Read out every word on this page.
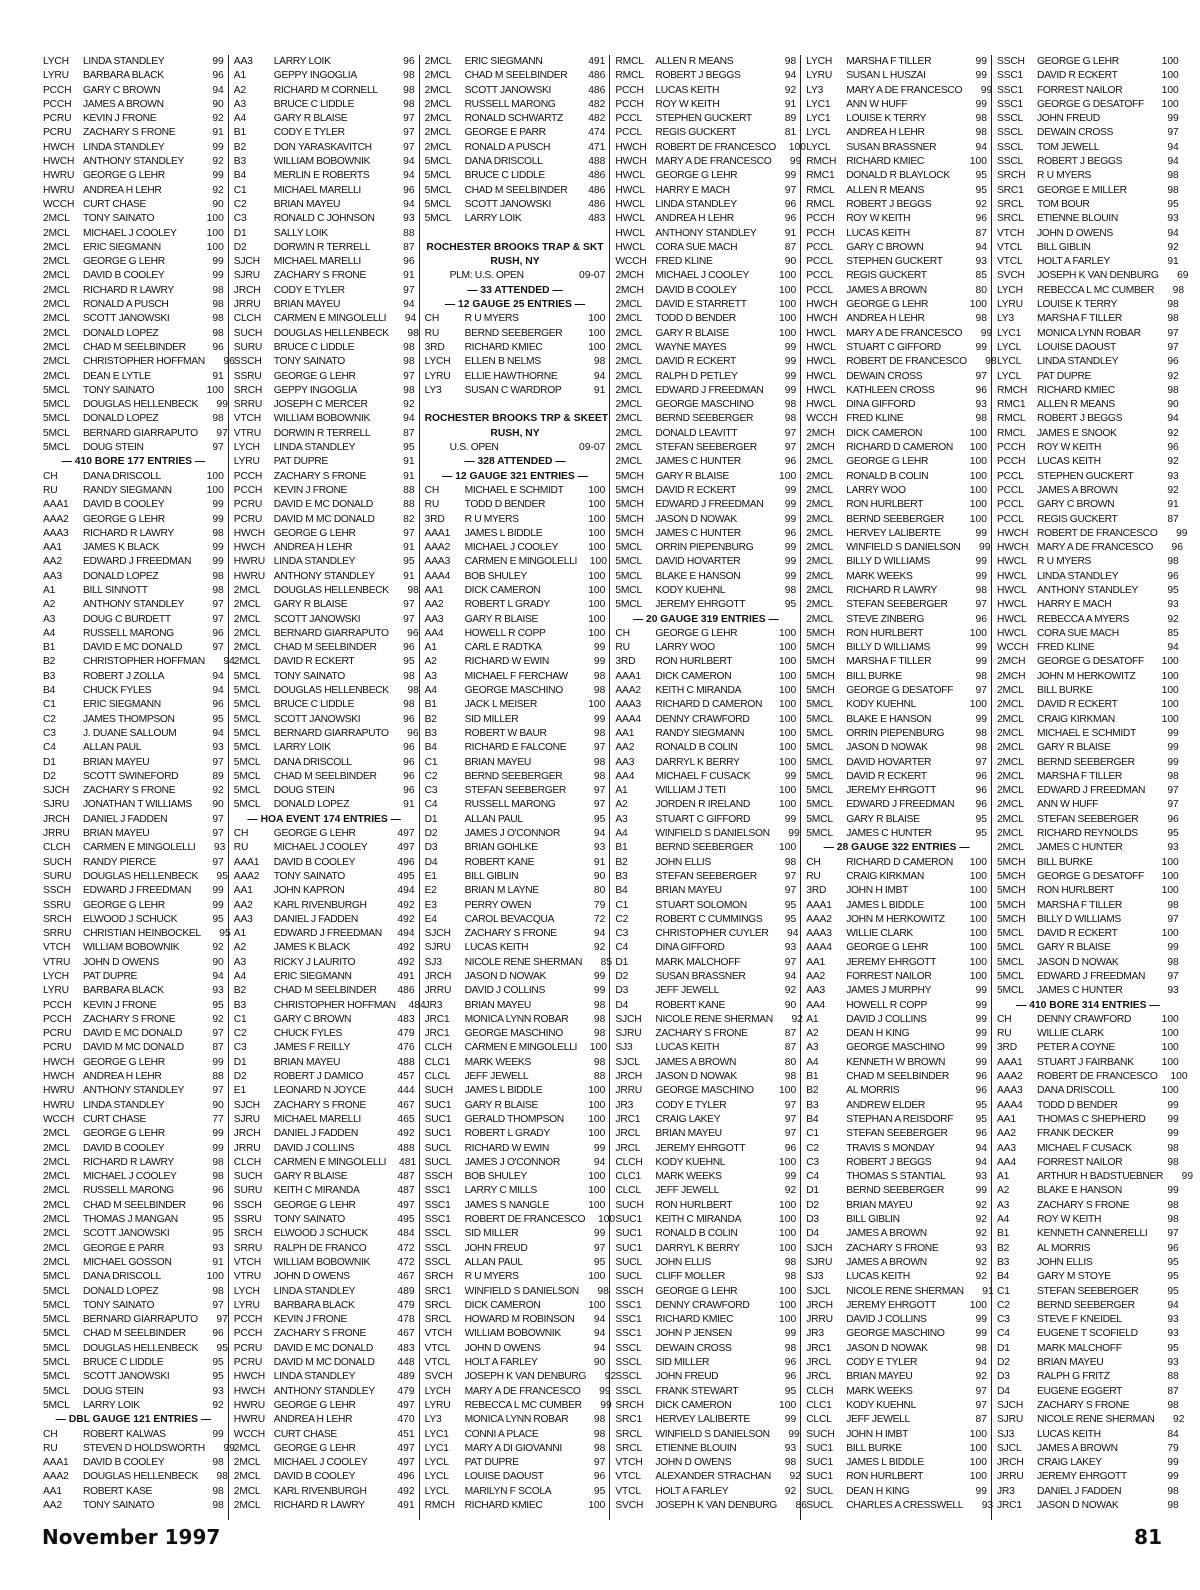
LYCH	LINDA STANDLEY	99
LYRU	BARBARA BLACK	96
PCCH	GARY C BROWN	94
PCCH	JAMES A BROWN	90
PCRU	KEVIN J FRONE	92
PCRU	ZACHARY S FRONE	91
HWCH LINDA STANDLEY	99
HWCH ANTHONY STANDLEY	92
HWRU GEORGE G LEHR	99
HWRU ANDREA H LEHR	92
WCCH CURT CHASE	90
2MCL	TONY SAINATO	100
2MCL	MICHAEL J COOLEY	100
2MCL	ERIC SIEGMANN	100
2MCL	GEORGE G LEHR	99
2MCL	DAVID B COOLEY	99
2MCL	RICHARD R LAWRY	98
2MCL	RONALD A PUSCH	98
2MCL	SCOTT JANOWSKI	98
2MCL	DONALD LOPEZ	98
2MCL	CHAD M SEELBINDER	96
2MCL	CHRISTOPHER HOFFMAN	96
2MCL	DEAN E LYTLE	91
5MCL	TONY SAINATO	100
5MCL	DOUGLAS HELLENBECK	99
5MCL	DONALD LOPEZ	98
5MCL	BERNARD GIARRAPUTO	97
5MCL	DOUG STEIN	97
— 410 BORE 177 ENTRIES —
CH	DANA DRISCOLL	100
RU	RANDY SIEGMANN	100
AAA1	DAVID B COOLEY	99
AAA2	GEORGE G LEHR	99
AAA3	RICHARD R LAWRY	98
AA1	JAMES K BLACK	99
AA2	EDWARD J FREEDMAN	99
AA3	DONALD LOPEZ	98
A1	BILL SINNOTT	98
A2	ANTHONY STANDLEY	97
A3	DOUG C BURDETT	97
A4	RUSSELL MARONG	96
B1	DAVID E MC DONALD	97
B2	CHRISTOPHER HOFFMAN	94
B3	ROBERT J ZOLLA	94
B4	CHUCK FYLES	94
C1	ERIC SIEGMANN	96
C2	JAMES THOMPSON	95
C3	J. DUANE SALLOUM	94
C4	ALLAN PAUL	93
D1	BRIAN MAYEU	97
D2	SCOTT SWINEFORD	89
SJCH	ZACHARY S FRONE	92
SJRU	JONATHAN T WILLIAMS	90
JRCH	DANIEL J FADDEN	97
JRRU	BRIAN MAYEU	97
CLCH	CARMEN E MINGOLELLI	93
SUCH	RANDY PIERCE	97
SURU	DOUGLAS HELLENBECK	95
SSCH	EDWARD J FREEDMAN	99
SSRU	GEORGE G LEHR	99
SRCH	ELWOOD J SCHUCK	95
SRRU	CHRISTIAN HEINBOCKEL	95
VTCH	WILLIAM BOBOWNIK	92
VTRU	JOHN D OWENS	90
LYCH	PAT DUPRE	94
LYRU	BARBARA BLACK	93
PCCH	KEVIN J FRONE	95
PCCH	ZACHARY S FRONE	92
PCRU	DAVID E MC DONALD	97
PCRU	DAVID M MC DONALD	87
HWCH GEORGE G LEHR	99
HWCH ANDREA H LEHR	88
HWRU ANTHONY STANDLEY	97
HWRU LINDA STANDLEY	90
WCCH CURT CHASE	77
2MCL	GEORGE G LEHR	99
2MCL	DAVID B COOLEY	99
2MCL	RICHARD R LAWRY	98
2MCL	MICHAEL J COOLEY	98
2MCL	RUSSELL MARONG	96
2MCL	CHAD M SEELBINDER	96
2MCL	THOMAS J MANGAN	95
2MCL	SCOTT JANOWSKI	95
2MCL	GEORGE E PARR	93
2MCL	MICHAEL GOSSON	91
5MCL	DANA DRISCOLL	100
5MCL	DONALD LOPEZ	98
5MCL	TONY SAINATO	97
5MCL	BERNARD GIARRAPUTO	97
5MCL	CHAD M SEELBINDER	96
5MCL	DOUGLAS HELLENBECK	95
5MCL	BRUCE C LIDDLE	95
5MCL	SCOTT JANOWSKI	95
5MCL	DOUG STEIN	93
5MCL	LARRY LOIK	92
— DBL GAUGE 121 ENTRIES —
CH	ROBERT KALWAS	99
RU	STEVEN D HOLDSWORTH	99
AAA1	DAVID B COOLEY	98
AAA2	DOUGLAS HELLENBECK	98
AA1	ROBERT KASE	98
AA2	TONY SAINATO	98
AA3	LARRY LOIK	96
A1	GEPPY INGOGLIA	98
A2	RICHARD M CORNELL	98
A3	BRUCE C LIDDLE	98
A4	GARY R BLAISE	97
B1	CODY E TYLER	97
B2	DON YARASKAVITCH	97
B3	WILLIAM BOBOWNIK	94
B4	MERLIN E ROBERTS	94
C1	MICHAEL MARELLI	96
C2	BRIAN MAYEU	94
C3	RONALD C JOHNSON	93
D1	SALLY LOIK	88
D2	DORWIN R TERRELL	87
SJCH	MICHAEL MARELLI	96
SJRU	ZACHARY S FRONE	91
JRCH	CODY E TYLER	97
JRRU	BRIAN MAYEU	94
CLCH	CARMEN E MINGOLELLI	94
SUCH	DOUGLAS HELLENBECK	98
SURU	BRUCE C LIDDLE	98
SSCH	TONY SAINATO	98
SSRU	GEORGE G LEHR	97
SRCH	GEPPY INGOGLIA	98
SRRU	JOSEPH C MERCER	92
VTCH	WILLIAM BOBOWNIK	94
VTRU	DORWIN R TERRELL	87
LYCH	LINDA STANDLEY	95
LYRU	PAT DUPRE	91
PCCH	ZACHARY S FRONE	91
PCCH	KEVIN J FRONE	88
PCRU	DAVID E MC DONALD	88
PCRU	DAVID M MC DONALD	82
HWCH GEORGE G LEHR	97
HWCH ANDREA H LEHR	91
HWRU LINDA STANDLEY	95
HWRU ANTHONY STANDLEY	91
2MCL	DOUGLAS HELLENBECK	98
2MCL	GARY R BLAISE	97
2MCL	SCOTT JANOWSKI	97
2MCL	BERNARD GIARRAPUTO	96
2MCL	CHAD M SEELBINDER	96
2MCL	DAVID R ECKERT	95
5MCL	TONY SAINATO	98
5MCL	DOUGLAS HELLENBECK	98
5MCL	BRUCE C LIDDLE	98
5MCL	SCOTT JANOWSKI	96
5MCL	BERNARD GIARRAPUTO	96
5MCL	LARRY LOIK	96
5MCL	DANA DRISCOLL	96
5MCL	CHAD M SEELBINDER	96
5MCL	DOUG STEIN	96
5MCL	DONALD LOPEZ	91
— HOA EVENT 174 ENTRIES —
CH	GEORGE G LEHR	497
RU	MICHAEL J COOLEY	497
AAA1	DAVID B COOLEY	496
AAA2	TONY SAINATO	495
AA1	JOHN KAPRON	494
AA2	KARL RIVENBURGH	492
AA3	DANIEL J FADDEN	492
A1	EDWARD J FREEDMAN	494
A2	JAMES K BLACK	492
A3	RICKY J LAURITO	492
A4	ERIC SIEGMANN	491
B2	CHAD M SEELBINDER	486
B3	CHRISTOPHER HOFFMAN	484
C1	GARY C BROWN	483
C2	CHUCK FYLES	479
C3	JAMES F REILLY	476
D1	BRIAN MAYEU	488
D2	ROBERT J DAMICO	457
E1	LEONARD N JOYCE	444
SJCH	ZACHARY S FRONE	467
SJRU	MICHAEL MARELLI	465
JRCH	DANIEL J FADDEN	492
JRRU	DAVID J COLLINS	488
CLCH	CARMEN E MINGOLELLI	481
SUCH	GARY R BLAISE	487
SURU	KEITH C MIRANDA	487
SSCH	GEORGE G LEHR	497
SSRU	TONY SAINATO	495
SRCH	ELWOOD J SCHUCK	484
SRRU	RALPH DE FRANCO	472
VTCH	WILLIAM BOBOWNIK	472
VTRU	JOHN D OWENS	467
LYCH	LINDA STANDLEY	489
LYRU	BARBARA BLACK	479
PCCH	KEVIN J FRONE	478
PCCH	ZACHARY S FRONE	467
PCRU	DAVID E MC DONALD	483
PCRU	DAVID M MC DONALD	448
HWCH LINDA STANDLEY	489
HWCH ANTHONY STANDLEY	479
HWRU GEORGE G LEHR	497
HWRU ANDREA H LEHR	470
WCCH CURT CHASE	451
2MCL	GEORGE G LEHR	497
2MCL	MICHAEL J COOLEY	497
2MCL	DAVID B COOLEY	496
2MCL	KARL RIVENBURGH	492
2MCL	RICHARD R LAWRY	491
2MCL	ERIC SIEGMANN	491
2MCL	CHAD M SEELBINDER	486
2MCL	SCOTT JANOWSKI	486
2MCL	RUSSELL MARONG	482
2MCL	RONALD SCHWARTZ	482
2MCL	GEORGE E PARR	474
2MCL	RONALD A PUSCH	471
5MCL	DANA DRISCOLL	488
5MCL	BRUCE C LIDDLE	486
5MCL	CHAD M SEELBINDER	486
5MCL	SCOTT JANOWSKI	486
5MCL	LARRY LOIK	483
ROCHESTER BROOKS TRAP & SKT
RUSH, NY
PLM: U.S. OPEN	09-07
— 33 ATTENDED —
— 12 GAUGE 25 ENTRIES —
CH	R U MYERS	100
RU	BERND SEEBERGER	100
3RD	RICHARD KMIEC	100
LYCH	ELLEN B NELMS	98
LYRU	ELLIE HAWTHORNE	94
LY3	SUSAN C WARDROP	91
ROCHESTER BROOKS TRP & SKEET
RUSH, NY
U.S. OPEN	09-07
— 328 ATTENDED —
— 12 GAUGE 321 ENTRIES —
CH	MICHAEL E SCHMIDT	100
RU	TODD D BENDER	100
3RD	R U MYERS	100
AAA1	JAMES L BIDDLE	100
AAA2	MICHAEL J COOLEY	100
AAA3	CARMEN E MINGOLELLI	100
AAA4	BOB SHULEY	100
AA1	DICK CAMERON	100
AA2	ROBERT L GRADY	100
AA3	GARY R BLAISE	100
AA4	HOWELL R COPP	100
A1	CARL E RADTKA	99
A2	RICHARD W EWIN	99
A3	MICHAEL F FERCHAW	98
A4	GEORGE MASCHINO	98
B1	JACK L MEISER	100
B2	SID MILLER	99
B3	ROBERT W BAUR	98
B4	RICHARD E FALCONE	97
C1	BRIAN MAYEU	98
C2	BERND SEEBERGER	98
C3	STEFAN SEEBERGER	97
C4	RUSSELL MARONG	97
D1	ALLAN PAUL	95
D2	JAMES J O'CONNOR	94
D3	BRIAN GOHLKE	93
D4	ROBERT KANE	91
E1	BILL GIBLIN	90
E2	BRIAN M LAYNE	80
E3	PERRY OWEN	79
E4	CAROL BEVACQUA	72
SJCH	ZACHARY S FRONE	94
SJRU	LUCAS KEITH	92
SJ3	NICOLE RENE SHERMAN	85
JRCH	JASON D NOWAK	99
JRRU	DAVID J COLLINS	99
JR3	BRIAN MAYEU	98
JRC1	MONICA LYNN ROBAR	98
JRC1	GEORGE MASCHINO	98
CLCH	CARMEN E MINGOLELLI	100
CLC1	MARK WEEKS	98
CLCL	JEFF JEWELL	88
SUCH	JAMES L BIDDLE	100
SUC1	GARY R BLAISE	100
SUC1	GERALD THOMPSON	100
SUC1	ROBERT L GRADY	100
SUCL	RICHARD W EWIN	99
SUCL	JAMES J O'CONNOR	94
SSCH	BOB SHULEY	100
SSC1	LARRY C MILLS	100
SSC1	JAMES S NANGLE	100
SSC1	ROBERT DE FRANCESCO	100
SSCL	SID MILLER	99
SSCL	JOHN FREUD	97
SSCL	ALLAN PAUL	95
SRCH	R U MYERS	100
SRC1	WINFIELD S DANIELSON	98
SRCL	DICK CAMERON	100
SRCL	HOWARD M ROBINSON	94
VTCH	WILLIAM BOBOWNIK	94
VTCL	JOHN D OWENS	94
VTCL	HOLT A FARLEY	90
SVCH	JOSEPH K VAN DENBURG	92
LYCH	MARY A DE FRANCESCO	99
LYRU	REBECCA L MC CUMBER	99
LY3	MONICA LYNN ROBAR	98
LYC1	CONNI A PLACE	98
LYC1	MARY A DI GIOVANNI	98
LYCL	PAT DUPRE	97
LYCL	LOUISE DAOUST	96
LYCL	MARILYN F SCOLA	95
RMCH RICHARD KMIEC	100
RMCL	ALLEN R MEANS	98
RMCL	ROBERT J BEGGS	94
PCCH	LUCAS KEITH	92
PCCH	ROY W KEITH	91
PCCL	STEPHEN GUCKERT	89
PCCL	REGIS GUCKERT	81
HWCH ROBERT DE FRANCESCO	100
HWCH MARY A DE FRANCESCO	99
HWCL	GEORGE G LEHR	99
HWCL	HARRY E MACH	97
HWCL	LINDA STANDLEY	96
HWCL	ANDREA H LEHR	96
HWCL	ANTHONY STANDLEY	91
HWCL	CORA SUE MACH	87
WCCH FRED KLINE	90
2MCH	MICHAEL J COOLEY	100
2MCH	DAVID B COOLEY	100
2MCL	DAVID E STARRETT	100
2MCL	TODD D BENDER	100
2MCL	GARY R BLAISE	100
2MCL	WAYNE MAYES	99
2MCL	DAVID R ECKERT	99
2MCL	RALPH D PETLEY	99
2MCL	EDWARD J FREEDMAN	99
2MCL	GEORGE MASCHINO	98
2MCL	BERND SEEBERGER	98
2MCL	DONALD LEAVITT	97
2MCL	STEFAN SEEBERGER	97
2MCL	JAMES C HUNTER	96
5MCH	GARY R BLAISE	100
5MCH	DAVID R ECKERT	99
5MCH	EDWARD J FREEDMAN	99
5MCH	JASON D NOWAK	99
5MCH	JAMES C HUNTER	96
5MCL	ORRIN PIEPENBURG	99
5MCL	DAVID HOVARTER	99
5MCL	BLAKE E HANSON	99
5MCL	KODY KUEHNL	98
5MCL	JEREMY EHRGOTT	95
— 20 GAUGE 319 ENTRIES —
CH	GEORGE G LEHR	100
RU	LARRY WOO	100
3RD	RON HURLBERT	100
AAA1	DICK CAMERON	100
AAA2	KEITH C MIRANDA	100
AAA3	RICHARD D CAMERON	100
AAA4	DENNY CRAWFORD	100
AA1	RANDY SIEGMANN	100
AA2	RONALD B COLIN	100
AA3	DARRYL K BERRY	100
AA4	MICHAEL F CUSACK	99
A1	WILLIAM J TETI	100
A2	JORDEN R IRELAND	100
A3	STUART C GIFFORD	99
A4	WINFIELD S DANIELSON	99
B1	BERND SEEBERGER	100
B2	JOHN ELLIS	98
B3	STEFAN SEEBERGER	97
B4	BRIAN MAYEU	97
C1	STUART SOLOMON	95
C2	ROBERT C CUMMINGS	95
C3	CHRISTOPHER CUYLER	94
C4	DINA GIFFORD	93
D1	MARK MALCHOFF	97
D2	SUSAN BRASSNER	94
D3	JEFF JEWELL	92
D4	ROBERT KANE	90
SJCH	NICOLE RENE SHERMAN	92
SJRU	ZACHARY S FRONE	87
SJ3	LUCAS KEITH	87
SJCL	JAMES A BROWN	80
JRCH	JASON D NOWAK	98
JRRU	GEORGE MASCHINO	100
JR3	CODY E TYLER	97
JRC1	CRAIG LAKEY	97
JRCL	BRIAN MAYEU	97
JRCL	JEREMY EHRGOTT	96
CLCH	KODY KUEHNL	100
CLC1	MARK WEEKS	99
CLCL	JEFF JEWELL	92
SUCH	RON HURLBERT	100
SUC1	KEITH C MIRANDA	100
SUC1	RONALD B COLIN	100
SUC1	DARRYL K BERRY	100
SUCL	JOHN ELLIS	98
SUCL	CLIFF MOLLER	98
SSCH	GEORGE G LEHR	100
SSC1	DENNY CRAWFORD	100
SSC1	RICHARD KMIEC	100
SSC1	JOHN P JENSEN	99
SSCL	DEWAIN CROSS	98
SSCL	SID MILLER	96
SSCL	JOHN FREUD	96
SSCL	FRANK STEWART	95
SRCH	DICK CAMERON	100
SRC1	HERVEY LALIBERTE	99
SRCL	WINFIELD S DANIELSON	99
SRCL	ETIENNE BLOUIN	93
VTCH	JOHN D OWENS	98
VTCL	ALEXANDER STRACHAN	92
VTCL	HOLT A FARLEY	92
SVCH	JOSEPH K VAN DENBURG	86
LYCH	MARSHA F TILLER	99
LYRU	SUSAN L HUSZAI	99
LY3	MARY A DE FRANCESCO	99
LYC1	ANN W HUFF	99
LYC1	LOUISE K TERRY	98
LYCL	ANDREA H LEHR	98
LYCL	SUSAN BRASSNER	94
RMCH RICHARD KMIEC	100
RMC1	DONALD R BLAYLOCK	95
RMCL	ALLEN R MEANS	95
RMCL	ROBERT J BEGGS	92
PCCH	ROY W KEITH	96
PCCH	LUCAS KEITH	87
PCCL	GARY C BROWN	94
PCCL	STEPHEN GUCKERT	93
PCCL	REGIS GUCKERT	85
PCCL	JAMES A BROWN	80
HWCH GEORGE G LEHR	100
HWCH ANDREA H LEHR	98
HWCL	MARY A DE FRANCESCO	99
HWCL	STUART C GIFFORD	99
HWCL	ROBERT DE FRANCESCO	98
HWCL	DEWAIN CROSS	97
HWCL	KATHLEEN CROSS	96
HWCL	DINA GIFFORD	93
WCCH FRED KLINE	98
2MCH	DICK CAMERON	100
2MCH	RICHARD D CAMERON	100
2MCL	GEORGE G LEHR	100
2MCL	RONALD B COLIN	100
2MCL	LARRY WOO	100
2MCL	RON HURLBERT	100
2MCL	BERND SEEBERGER	100
2MCL	HERVEY LALIBERTE	99
2MCL	WINFIELD S DANIELSON	99
2MCL	BILLY D WILLIAMS	99
2MCL	MARK WEEKS	99
2MCL	RICHARD R LAWRY	98
2MCL	STEFAN SEEBERGER	97
2MCL	STEVE ZINBERG	96
5MCH	RON HURLBERT	100
5MCH	BILLY D WILLIAMS	99
5MCH	MARSHA F TILLER	99
5MCH	BILL BURKE	98
5MCH	GEORGE G DESATOFF	97
5MCL	KODY KUEHNL	100
5MCL	BLAKE E HANSON	99
5MCL	ORRIN PIEPENBURG	98
5MCL	JASON D NOWAK	98
5MCL	DAVID HOVARTER	97
5MCL	DAVID R ECKERT	96
5MCL	JEREMY EHRGOTT	96
5MCL	EDWARD J FREEDMAN	96
5MCL	GARY R BLAISE	95
5MCL	JAMES C HUNTER	95
— 28 GAUGE 322 ENTRIES —
CH	RICHARD D CAMERON	100
RU	CRAIG KIRKMAN	100
3RD	JOHN H IMBT	100
AAA1	JAMES L BIDDLE	100
AAA2	JOHN M HERKOWITZ	100
AAA3	WILLIE CLARK	100
AAA4	GEORGE G LEHR	100
AA1	JEREMY EHRGOTT	100
AA2	FORREST NAILOR	100
AA3	JAMES J MURPHY	99
AA4	HOWELL R COPP	99
A1	DAVID J COLLINS	99
A2	DEAN H KING	99
A3	GEORGE MASCHINO	99
A4	KENNETH W BROWN	99
B1	CHAD M SEELBINDER	96
B2	AL MORRIS	96
B3	ANDREW ELDER	95
B4	STEPHAN A REISDORF	95
C1	STEFAN SEEBERGER	96
C2	TRAVIS S MONDAY	94
C3	ROBERT J BEGGS	94
C4	THOMAS S STANTIAL	93
D1	BERND SEEBERGER	99
D2	BRIAN MAYEU	92
D3	BILL GIBLIN	92
D4	JAMES A BROWN	92
SJCH	ZACHARY S FRONE	93
SJRU	JAMES A BROWN	92
SJ3	LUCAS KEITH	92
SJCL	NICOLE RENE SHERMAN	91
JRCH	JEREMY EHRGOTT	100
JRRU	DAVID J COLLINS	99
JR3	GEORGE MASCHINO	99
JRC1	JASON D NOWAK	98
JRCL	CODY E TYLER	94
JRCL	BRIAN MAYEU	92
CLCH	MARK WEEKS	97
CLC1	KODY KUEHNL	97
CLCL	JEFF JEWELL	87
SUCH	JOHN H IMBT	100
SUC1	BILL BURKE	100
SUC1	JAMES L BIDDLE	100
SUC1	RON HURLBERT	100
SUCL	DEAN H KING	99
SUCL	CHARLES A CRESSWELL	93
SSCH	GEORGE G LEHR	100
SSC1	DAVID R ECKERT	100
SSC1	FORREST NAILOR	100
SSC1	GEORGE G DESATOFF	100
SSCL	JOHN FREUD	99
SSCL	DEWAIN CROSS	97
SSCL	TOM JEWELL	94
SSCL	ROBERT J BEGGS	94
SRCH	R U MYERS	98
SRC1	GEORGE E MILLER	98
SRCL	TOM BOUR	95
SRCL	ETIENNE BLOUIN	93
VTCH	JOHN D OWENS	94
VTCL	BILL GIBLIN	92
VTCL	HOLT A FARLEY	91
SVCH	JOSEPH K VAN DENBURG	69
LYCH	REBECCA L MC CUMBER	98
LYRU	LOUISE K TERRY	98
LY3	MARSHA F TILLER	98
LYC1	MONICA LYNN ROBAR	97
LYCL	LOUISE DAOUST	97
LYCL	LINDA STANDLEY	96
LYCL	PAT DUPRE	92
RMCH RICHARD KMIEC	98
RMC1	ALLEN R MEANS	90
RMCL	ROBERT J BEGGS	94
RMCL	JAMES E SNOOK	92
PCCH	ROY W KEITH	96
PCCH	LUCAS KEITH	92
PCCL	STEPHEN GUCKERT	93
PCCL	JAMES A BROWN	92
PCCL	GARY C BROWN	91
PCCL	REGIS GUCKERT	87
HWCH ROBERT DE FRANCESCO	99
HWCH MARY A DE FRANCESCO	96
HWCL	R U MYERS	98
HWCL	LINDA STANDLEY	96
HWCL	ANTHONY STANDLEY	95
HWCL	HARRY E MACH	93
HWCL	REBECCA A MYERS	92
HWCL	CORA SUE MACH	85
WCCH FRED KLINE	94
2MCH	GEORGE G DESATOFF	100
2MCH	JOHN M HERKOWITZ	100
2MCL	BILL BURKE	100
2MCL	DAVID R ECKERT	100
2MCL	CRAIG KIRKMAN	100
2MCL	MICHAEL E SCHMIDT	99
2MCL	GARY R BLAISE	99
2MCL	BERND SEEBERGER	99
2MCL	MARSHA F TILLER	98
2MCL	EDWARD J FREEDMAN	97
2MCL	ANN W HUFF	97
2MCL	STEFAN SEEBERGER	96
2MCL	RICHARD REYNOLDS	95
2MCL	JAMES C HUNTER	93
5MCH	BILL BURKE	100
5MCH	GEORGE G DESATOFF	100
5MCH	RON HURLBERT	100
5MCH	MARSHA F TILLER	98
5MCH	BILLY D WILLIAMS	97
5MCL	DAVID R ECKERT	100
5MCL	GARY R BLAISE	99
5MCL	JASON D NOWAK	98
5MCL	EDWARD J FREEDMAN	97
5MCL	JAMES C HUNTER	93
— 410 BORE 314 ENTRIES —
CH	DENNY CRAWFORD	100
RU	WILLIE CLARK	100
3RD	PETER A COYNE	100
AAA1	STUART J FAIRBANK	100
AAA2	ROBERT DE FRANCESCO	100
AAA3	DANA DRISCOLL	100
AAA4	TODD D BENDER	99
AA1	THOMAS C SHEPHERD	99
AA2	FRANK DECKER	99
AA3	MICHAEL F CUSACK	98
AA4	FORREST NAILOR	98
A1	ARTHUR H BADSTUEBNER	99
A2	BLAKE E HANSON	99
A3	ZACHARY S FRONE	98
A4	ROY W KEITH	98
B1	KENNETH CANNERELLI	97
B2	AL MORRIS	96
B3	JOHN ELLIS	95
B4	GARY M STOYE	95
C1	STEFAN SEEBERGER	95
C2	BERND SEEBERGER	94
C3	STEVE F KNEIDEL	93
C4	EUGENE T SCOFIELD	93
D1	MARK MALCHOFF	95
D2	BRIAN MAYEU	93
D3	RALPH G FRITZ	88
D4	EUGENE EGGERT	87
SJCH	ZACHARY S FRONE	98
SJRU	NICOLE RENE SHERMAN	92
SJ3	LUCAS KEITH	84
SJCL	JAMES A BROWN	79
JRCH	CRAIG LAKEY	99
JRRU	JEREMY EHRGOTT	99
JR3	DANIEL J FADDEN	98
JRC1	JASON D NOWAK	98
November 1997	81
